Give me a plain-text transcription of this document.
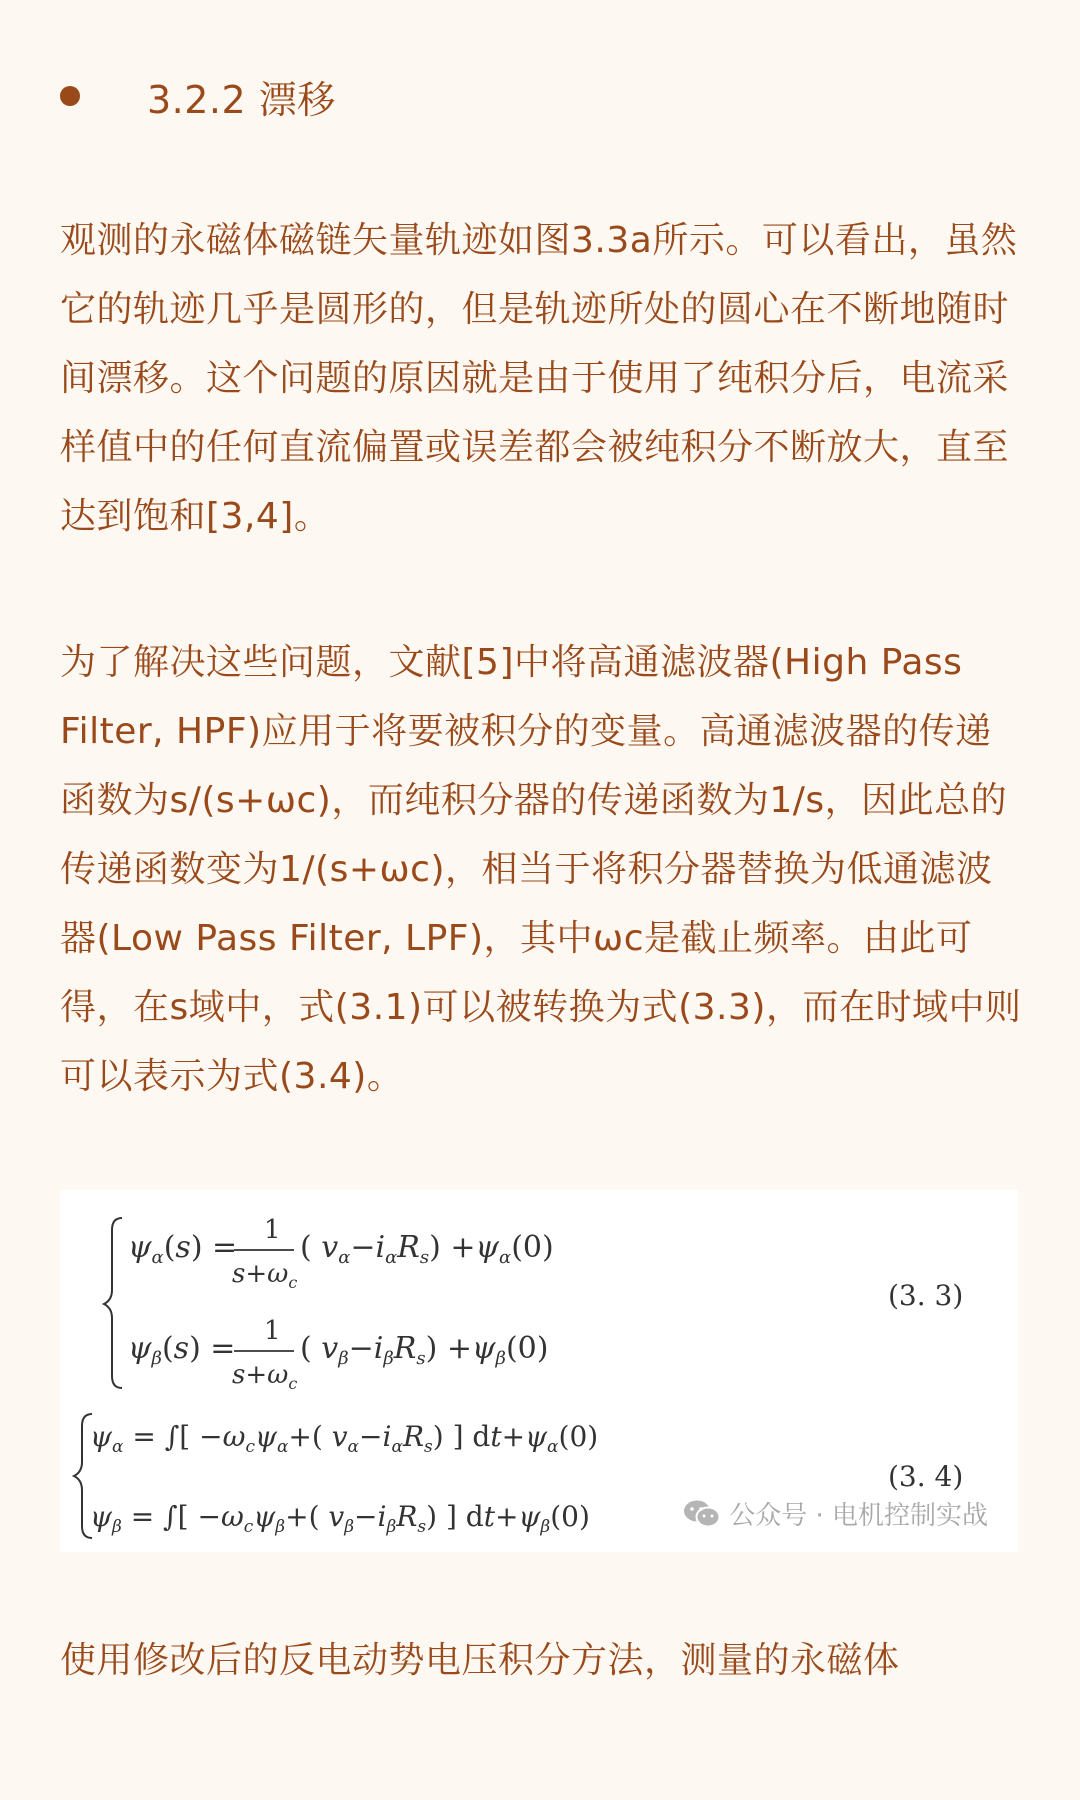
3.2.2 漂移
观测的永磁体磁链矢量轨迹如图3.3a所示。可以看出，虽然它的轨迹几乎是圆形的，但是轨迹所处的圆心在不断地随时间漂移。这个问题的原因就是由于使用了纯积分后，电流采样值中的任何直流偏置或误差都会被纯积分不断放大，直至达到饱和[3,4]。
为了解决这些问题，文献[5]中将高通滤波器(High Pass Filter, HPF)应用于将要被积分的变量。高通滤波器的传递函数为s/(s+ωc)，而纯积分器的传递函数为1/s，因此总的传递函数变为1/(s+ωc)，相当于将积分器替换为低通滤波器(Low Pass Filter, LPF)，其中ωc是截止频率。由此可得，在s域中，式(3.1)可以被转换为式(3.3)，而在时域中则可以表示为式(3.4)。
$\psi_\alpha(s) = 1$
$s+\omega_c$
( $v_\alpha-i_\alpha R_s) +\psi_\alpha(0)$
$\psi_\beta(s) = 1$
$s+\omega_c$
( $v_\beta-i_\beta R_s) +\psi_\beta(0)$
(3. 3)
$\psi_\alpha$ = ∫[ $-\omega_c\psi_\alpha+$( $v_\alpha-i_\alpha R_s$) ] $dt+\psi_\alpha(0)$
$\psi_\beta$ = ∫[ $-\omega_c\psi_\beta+$( $v_\beta-i_\beta R_s$) ] $dt+\psi_\beta(0)$
(3. 4)
公众号 · 电机控制实战
使用修改后的反电动势电压积分方法，测量的永磁体
